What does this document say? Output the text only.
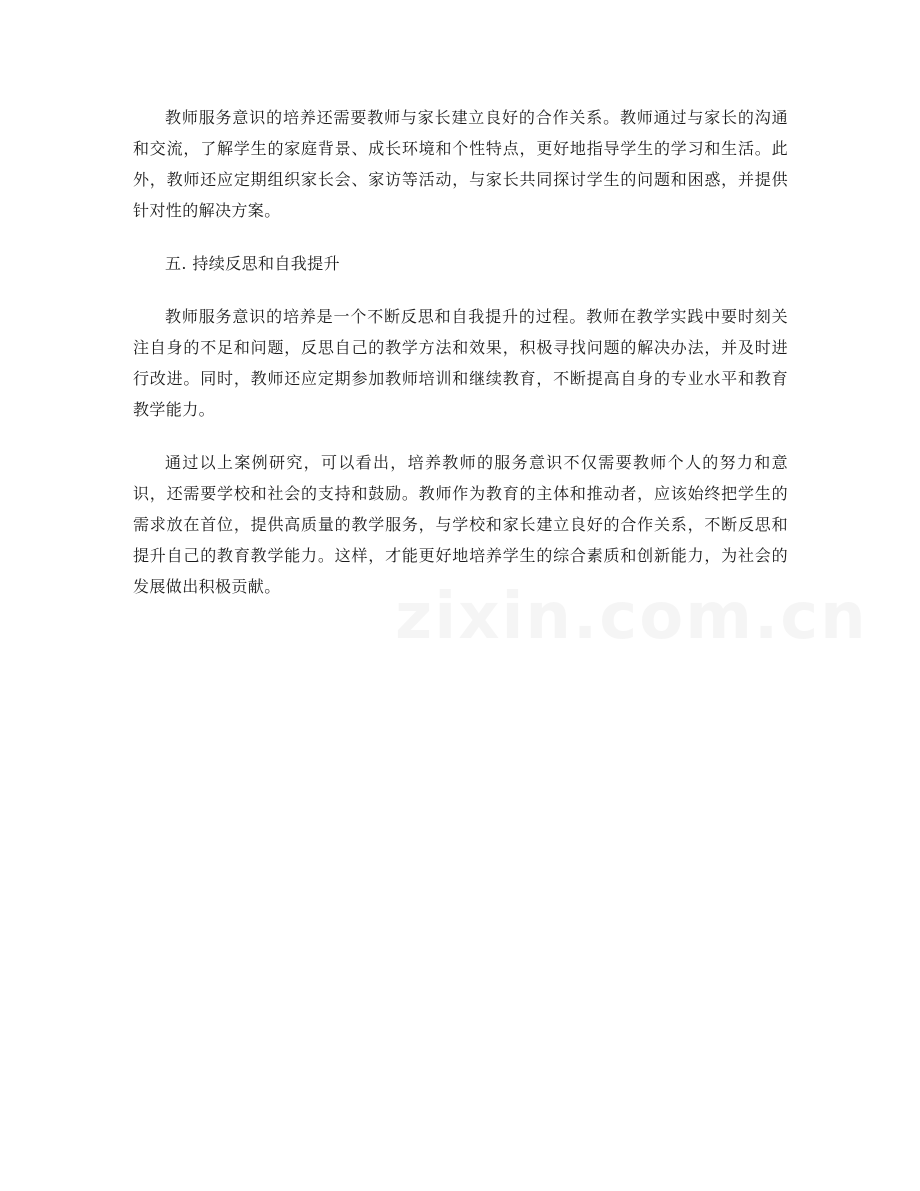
教师服务意识的培养还需要教师与家长建立良好的合作关系。教师通过与家长的沟通和交流，了解学生的家庭背景、成长环境和个性特点，更好地指导学生的学习和生活。此外，教师还应定期组织家长会、家访等活动，与家长共同探讨学生的问题和困惑，并提供针对性的解决方案。

五. 持续反思和自我提升

教师服务意识的培养是一个不断反思和自我提升的过程。教师在教学实践中要时刻关注自身的不足和问题，反思自己的教学方法和效果，积极寻找问题的解决办法，并及时进行改进。同时，教师还应定期参加教师培训和继续教育，不断提高自身的专业水平和教育教学能力。

通过以上案例研究，可以看出，培养教师的服务意识不仅需要教师个人的努力和意识，还需要学校和社会的支持和鼓励。教师作为教育的主体和推动者，应该始终把学生的需求放在首位，提供高质量的教学服务，与学校和家长建立良好的合作关系，不断反思和提升自己的教育教学能力。这样，才能更好地培养学生的综合素质和创新能力，为社会的发展做出积极贡献。
